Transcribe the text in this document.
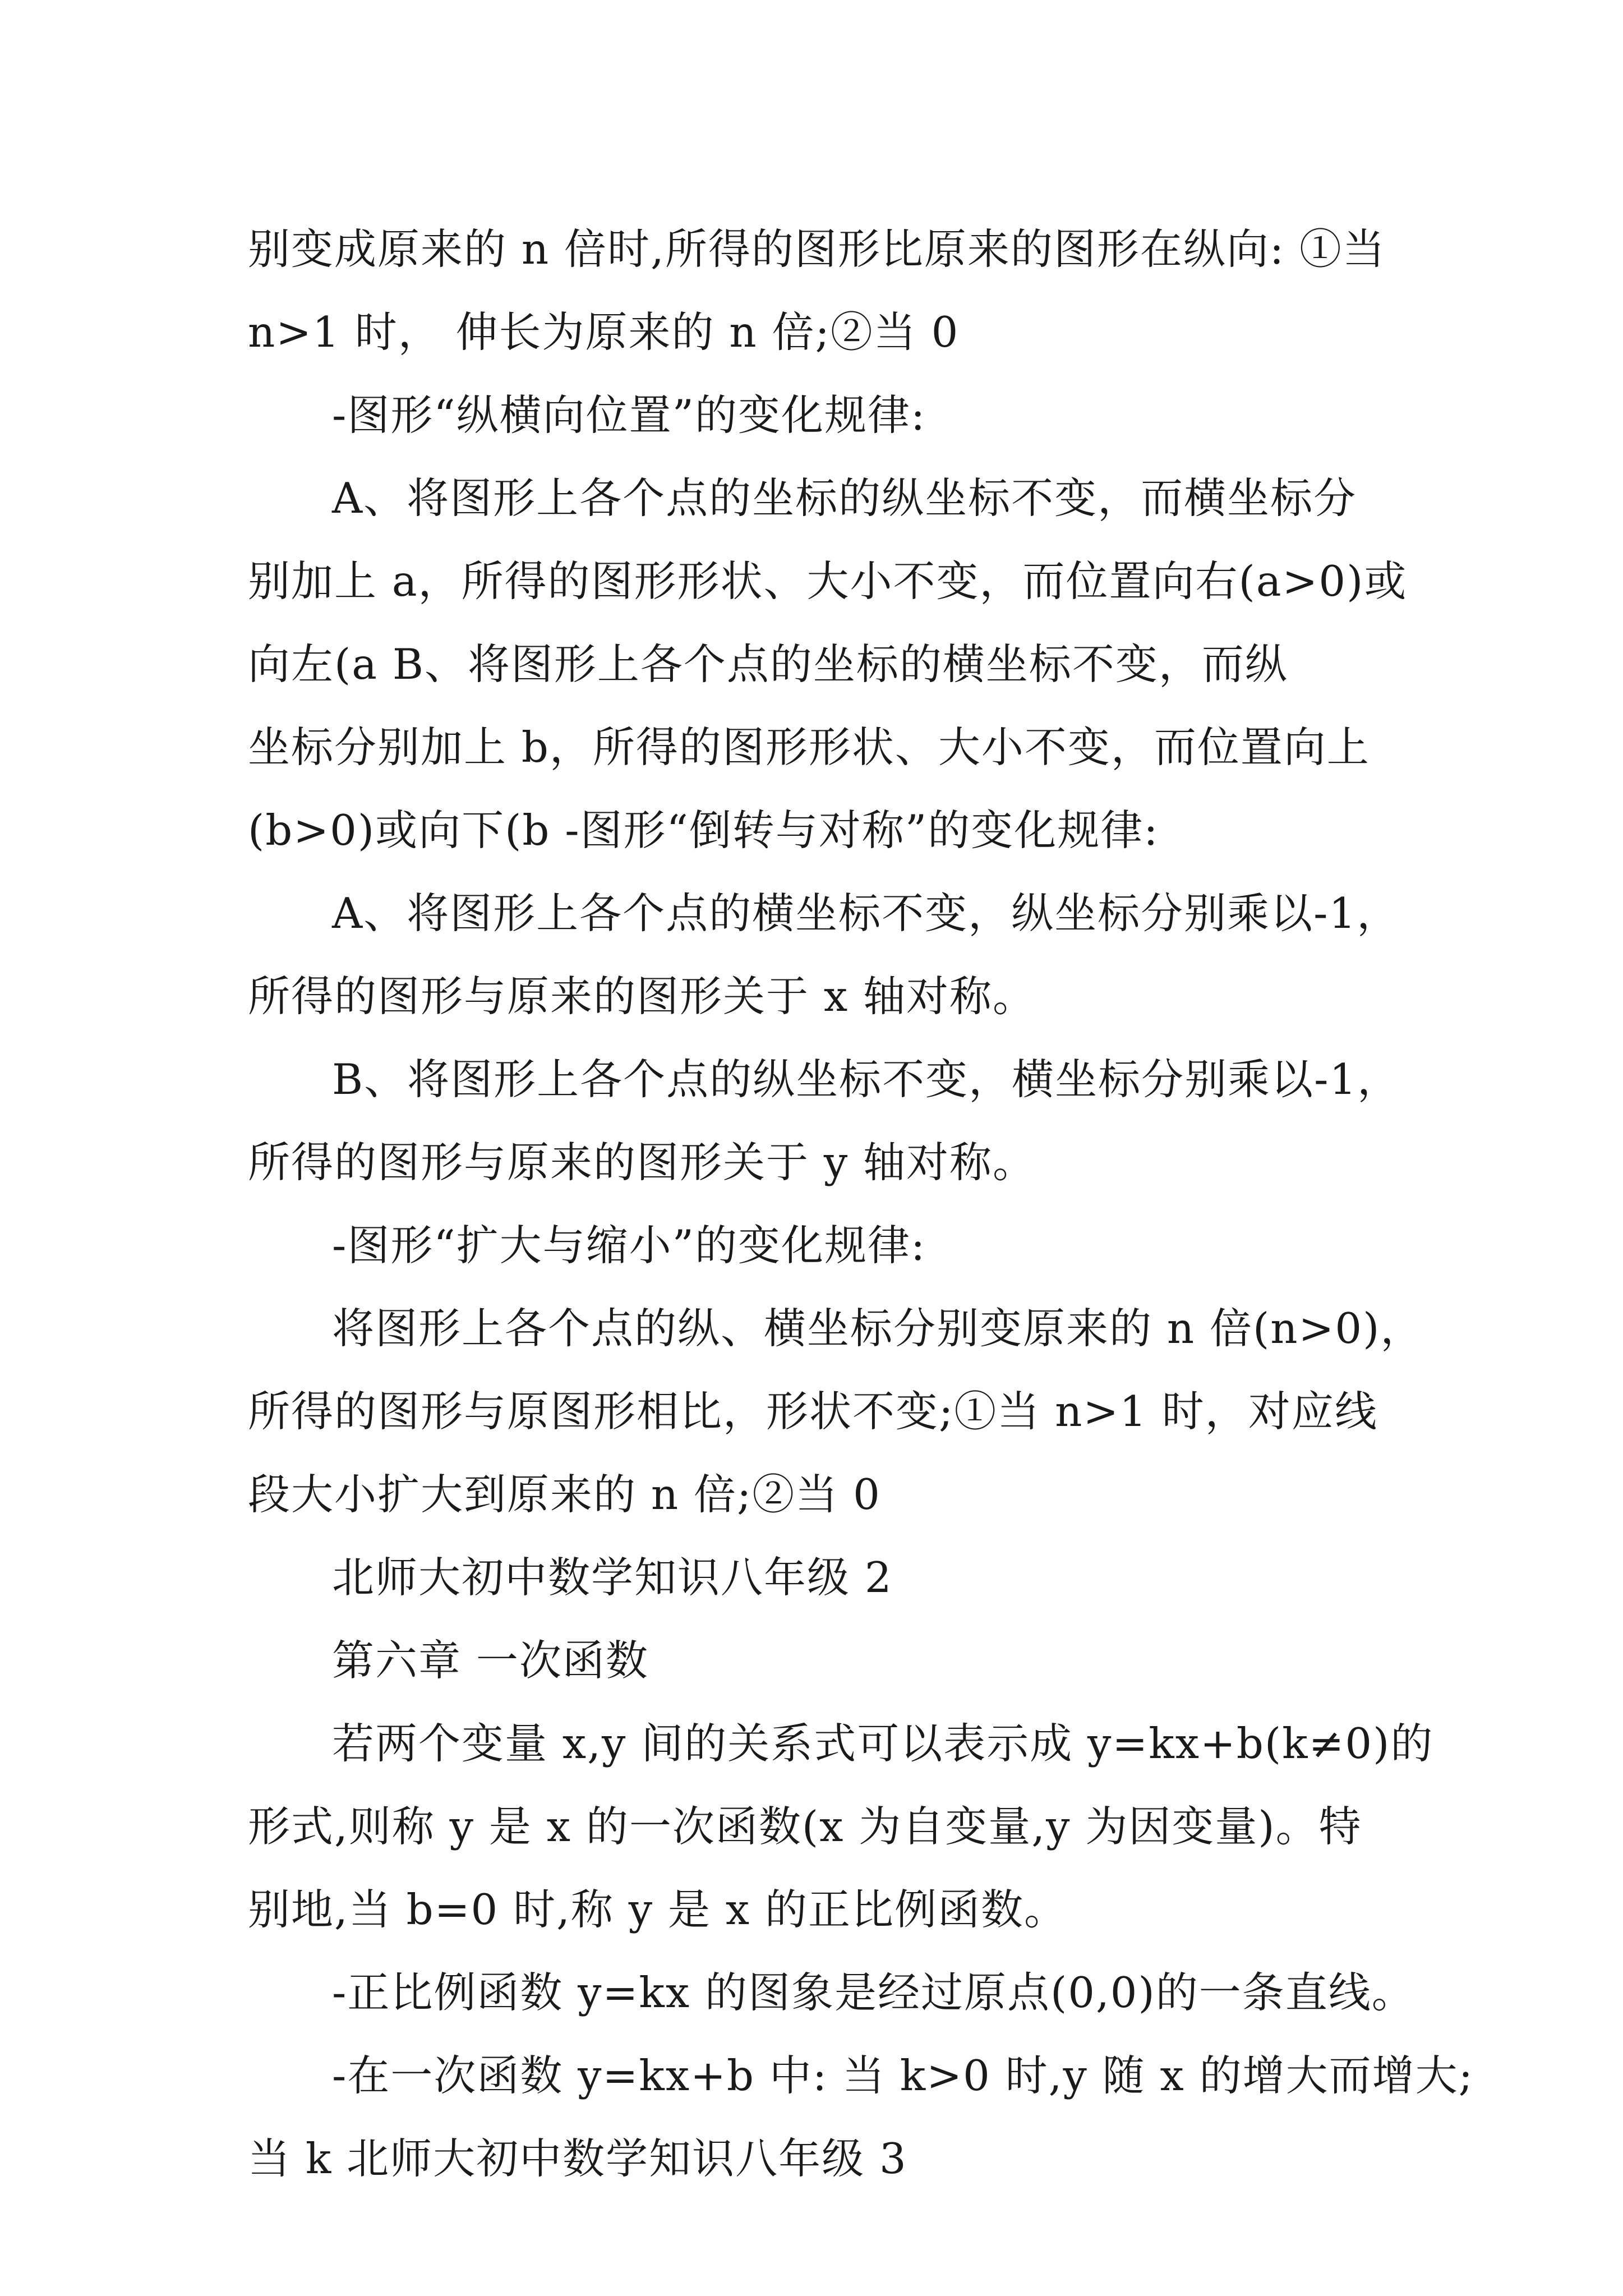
别变成原来的 n 倍时,所得的图形比原来的图形在纵向: ①当
n>1 时， 伸长为原来的 n 倍;②当 0
-图形“纵横向位置”的变化规律:
A、将图形上各个点的坐标的纵坐标不变，而横坐标分
别加上 a，所得的图形形状、大小不变，而位置向右(a>0)或
向左(a B、将图形上各个点的坐标的横坐标不变，而纵
坐标分别加上 b，所得的图形形状、大小不变，而位置向上
(b>0)或向下(b -图形“倒转与对称”的变化规律:
A、将图形上各个点的横坐标不变，纵坐标分别乘以-1，
所得的图形与原来的图形关于 x 轴对称。
B、将图形上各个点的纵坐标不变，横坐标分别乘以-1，
所得的图形与原来的图形关于 y 轴对称。
-图形“扩大与缩小”的变化规律:
将图形上各个点的纵、横坐标分别变原来的 n 倍(n>0)，
所得的图形与原图形相比，形状不变;①当 n>1 时，对应线
段大小扩大到原来的 n 倍;②当 0
北师大初中数学知识八年级 2
第六章 一次函数
若两个变量 x,y 间的关系式可以表示成 y=kx+b(k≠0)的
形式,则称 y 是 x 的一次函数(x 为自变量,y 为因变量)。特
别地,当 b=0 时,称 y 是 x 的正比例函数。
-正比例函数 y=kx 的图象是经过原点(0,0)的一条直线。
-在一次函数 y=kx+b 中: 当 k>0 时,y 随 x 的增大而增大;
当 k 北师大初中数学知识八年级 3
